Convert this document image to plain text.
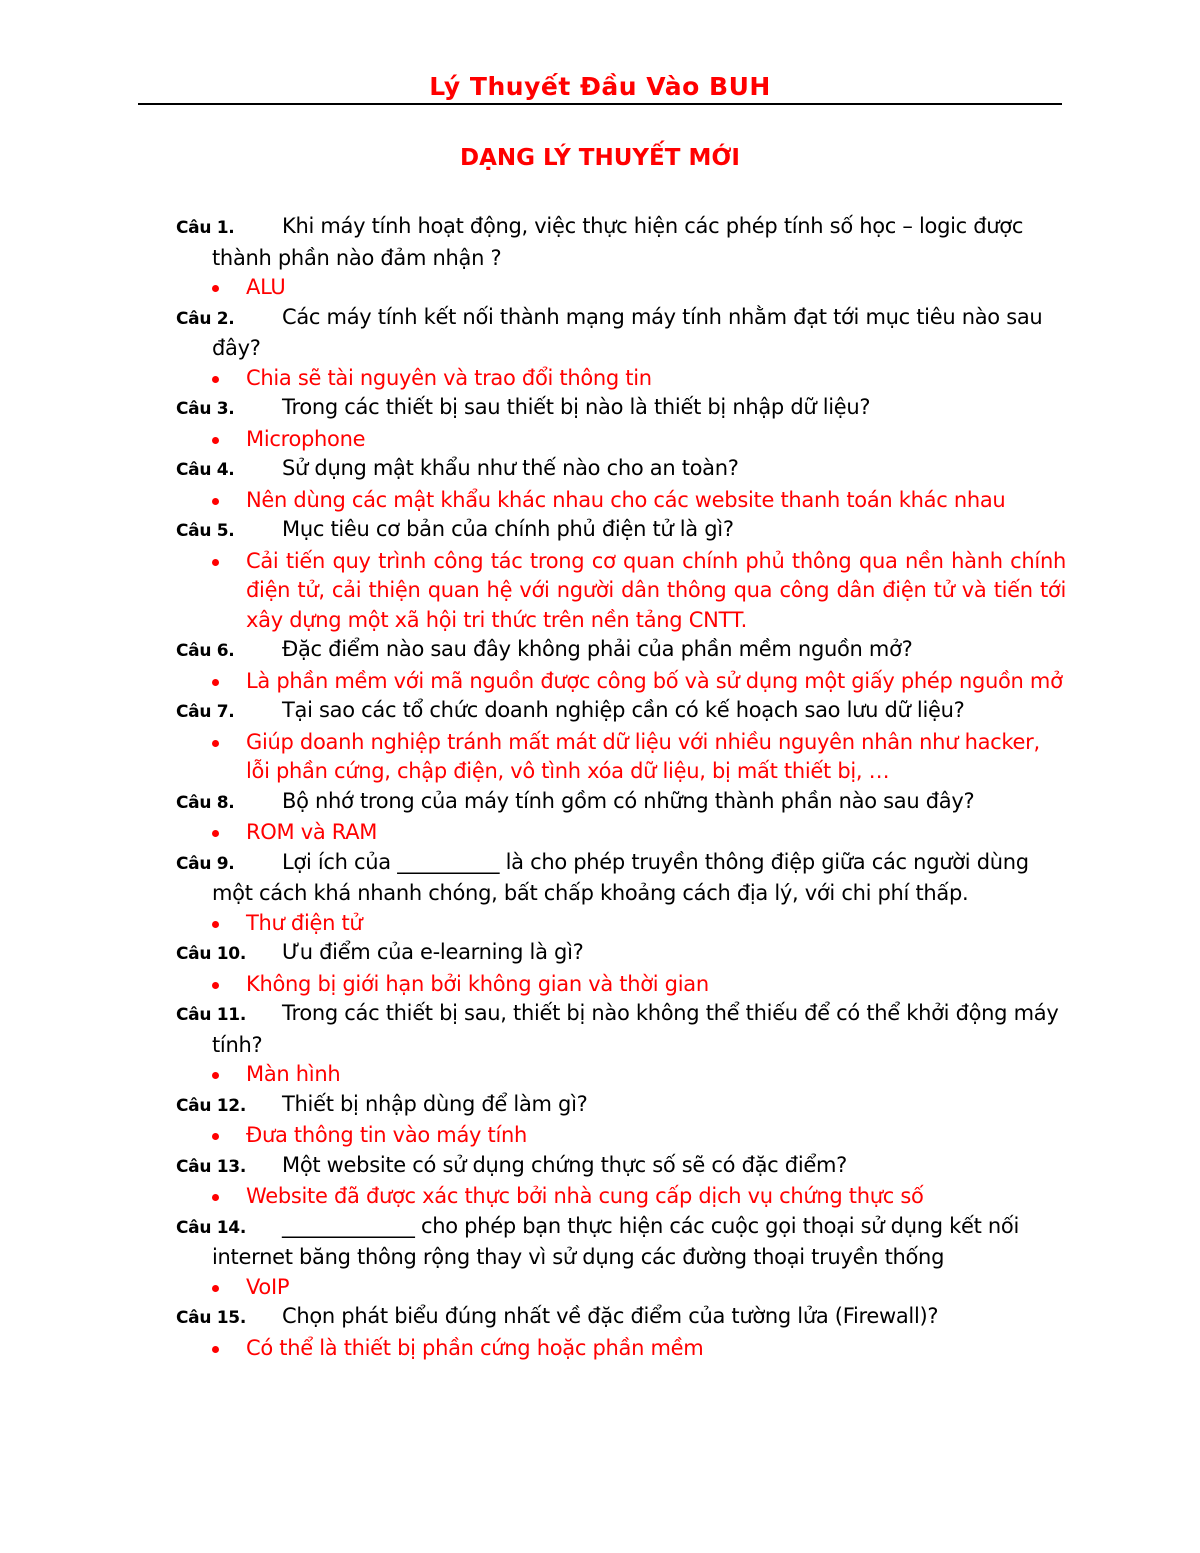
Lý Thuyết Đầu Vào BUH
DẠNG LÝ THUYẾT MỚI
Câu 1. Khi máy tính hoạt động, việc thực hiện các phép tính số học – logic được thành phần nào đảm nhận ?
ALU
Câu 2. Các máy tính kết nối thành mạng máy tính nhằm đạt tới mục tiêu nào sau đây?
Chia sẽ tài nguyên và trao đổi thông tin
Câu 3. Trong các thiết bị sau thiết bị nào là thiết bị nhập dữ liệu?
Microphone
Câu 4. Sử dụng mật khẩu như thế nào cho an toàn?
Nên dùng các mật khẩu khác nhau cho các website thanh toán khác nhau
Câu 5. Mục tiêu cơ bản của chính phủ điện tử là gì?
Cải tiến quy trình công tác trong cơ quan chính phủ thông qua nền hành chính điện tử, cải thiện quan hệ với người dân thông qua công dân điện tử và tiến tới xây dựng một xã hội tri thức trên nền tảng CNTT.
Câu 6. Đặc điểm nào sau đây không phải của phần mềm nguồn mở?
Là phần mềm với mã nguồn được công bố và sử dụng một giấy phép nguồn mở
Câu 7. Tại sao các tổ chức doanh nghiệp cần có kế hoạch sao lưu dữ liệu?
Giúp doanh nghiệp tránh mất mát dữ liệu với nhiều nguyên nhân như hacker, lỗi phần cứng, chập điện, vô tình xóa dữ liệu, bị mất thiết bị, …
Câu 8. Bộ nhớ trong của máy tính gồm có những thành phần nào sau đây?
ROM và RAM
Câu 9. Lợi ích của __________ là cho phép truyền thông điệp giữa các người dùng một cách khá nhanh chóng, bất chấp khoảng cách địa lý, với chi phí thấp.
Thư điện tử
Câu 10. Ưu điểm của e-learning là gì?
Không bị giới hạn bởi không gian và thời gian
Câu 11. Trong các thiết bị sau, thiết bị nào không thể thiếu để có thể khởi động máy tính?
Màn hình
Câu 12. Thiết bị nhập dùng để làm gì?
Đưa thông tin vào máy tính
Câu 13. Một website có sử dụng chứng thực số sẽ có đặc điểm?
Website đã được xác thực bởi nhà cung cấp dịch vụ chứng thực số
Câu 14. _____________ cho phép bạn thực hiện các cuộc gọi thoại sử dụng kết nối internet băng thông rộng thay vì sử dụng các đường thoại truyền thống
VoIP
Câu 15. Chọn phát biểu đúng nhất về đặc điểm của tường lửa (Firewall)?
Có thể là thiết bị phần cứng hoặc phần mềm
